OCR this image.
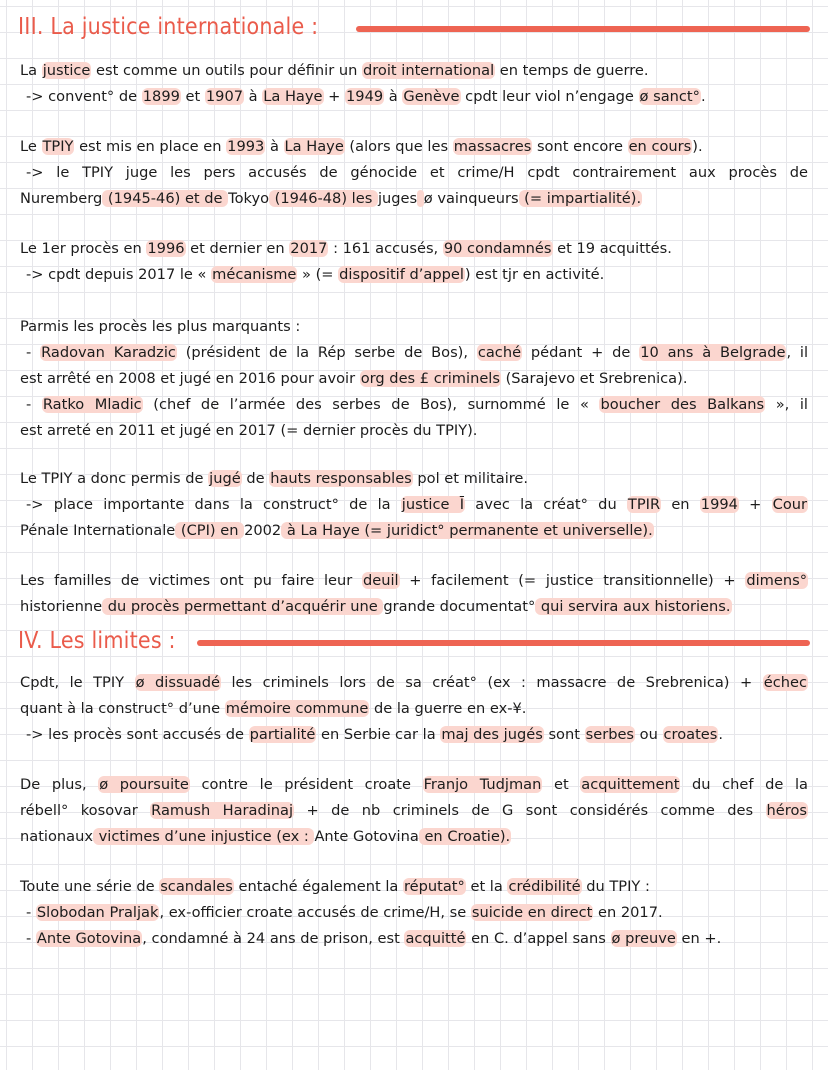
III. La justice internationale :
La justice est comme un outils pour définir un droit international en temps de guerre.
-> convent° de 1899 et 1907 à La Haye + 1949 à Genève cpdt leur viol n’engage ø sanct°.
Le TPIY est mis en place en 1993 à La Haye (alors que les massacres sont encore en cours).
-> le TPIY juge les pers accusés de génocide et crime/H cpdt contrairement aux procès de
Nuremberg (1945-46) et de Tokyo (1946-48) les juges ø vainqueurs (= impartialité).
Le 1er procès en 1996 et dernier en 2017 : 161 accusés, 90 condamnés et 19 acquittés.
-> cpdt depuis 2017 le « mécanisme » (= dispositif d’appel) est tjr en activité.
Parmis les procès les plus marquants :
- Radovan Karadzic (président de la Rép serbe de Bos), caché pédant + de 10 ans à Belgrade, il
est arrêté en 2008 et jugé en 2016 pour avoir org des £ criminels (Sarajevo et Srebrenica).
- Ratko Mladic (chef de l’armée des serbes de Bos), surnommé le « boucher des Balkans », il
est arreté en 2011 et jugé en 2017 (= dernier procès du TPIY).
Le TPIY a donc permis de jugé de hauts responsables pol et militaire.
-> place importante dans la construct° de la justice Ī avec la créat° du TPIR en 1994 + Cour
Pénale Internationale (CPI) en 2002 à La Haye (= juridict° permanente et universelle).
Les familles de victimes ont pu faire leur deuil + facilement (= justice transitionnelle) + dimens°
historienne du procès permettant d’acquérir une grande documentat° qui servira aux historiens.
IV. Les limites :
Cpdt, le TPIY ø dissuadé les criminels lors de sa créat° (ex : massacre de Srebrenica) + échec
quant à la construct° d’une mémoire commune de la guerre en ex-¥.
-> les procès sont accusés de partialité en Serbie car la maj des jugés sont serbes ou croates.
De plus, ø poursuite contre le président croate Franjo Tudjman et acquittement du chef de la
rébell° kosovar Ramush Haradinaj + de nb criminels de G sont considérés comme des héros
nationaux victimes d’une injustice (ex : Ante Gotovina en Croatie).
Toute une série de scandales entaché également la réputat° et la crédibilité du TPIY :
- Slobodan Praljak, ex-officier croate accusés de crime/H, se suicide en direct en 2017.
- Ante Gotovina, condamné à 24 ans de prison, est acquitté en C. d’appel sans ø preuve en +.
